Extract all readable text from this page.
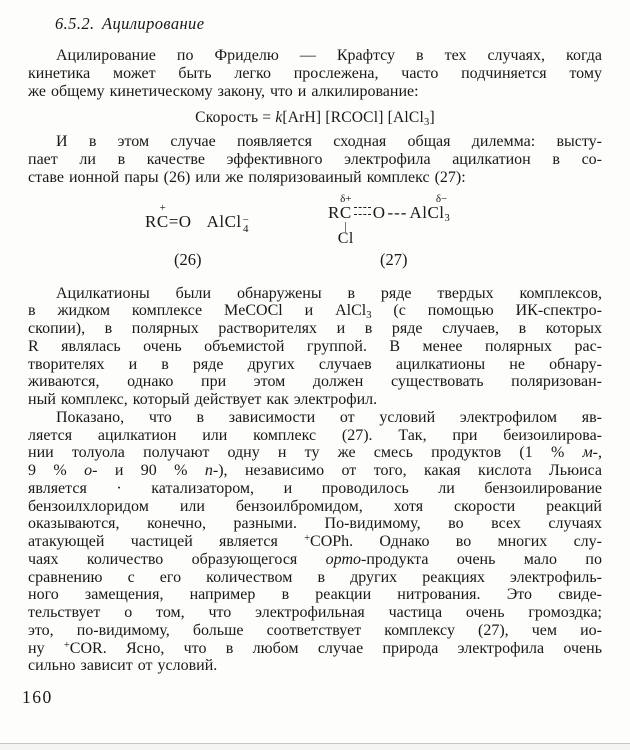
6.5.2. Ацилирование
Ацилирование по Фриделю — Крафтсу в тех случаях, когда
кинетика может быть легко прослежена, часто подчиняется тому
же общему кинетическому закону, что и алкилирование:
Скорость = k[ArH] [RCOCl] [AlCl$_3$]
И в этом случае появляется сходная общая дилемма: высту-
пает ли в качестве эффективного электрофила ацилкатион в со-
ставе ионной пары (26) или же поляризоваиный комплекс (27):
R
+
C =O AlCl −
4
(26)
R
δ+
C
|
Cl
O ---
δ−
AlCl$_3$
(27)
Ацилкатионы были обнаружены в ряде твердых комплексов,
в жидком комплексе MeCOCl и AlCl$_3$ (с помощью ИК-спектро-
скопии), в полярных растворителях и в ряде случаев, в которых
R являлась очень объемистой группой. В менее полярных рас-
творителях и в ряде других случаев ацилкатионы не обнару-
живаются, однако при этом должен существовать поляризован-
ный комплекс, который действует как электрофил.
Показано, что в зависимости от условий электрофилом яв-
ляется ацилкатион или комплекс (27). Так, при беизоилирова-
нии толуола получают одну н ту же смесь продуктов (1 % м-,
9 % о- и 90 % п-), независимо от того, какая кислота Льюиса
является · катализатором, и проводилось ли бензоилирование
бензоилхлоридом или бензоилбромидом, хотя скорости реакций
оказываются, конечно, разными. По-видимому, во всех случаях
атакующей частицей является +COPh. Однако во многих слу-
чаях количество образующегося орто-продукта очень мало по
сравнению с его количеством в других реакциях электрофиль-
ного замещения, например в реакции нитрования. Это свиде-
тельствует о том, что электрофильная частица очень громоздка;
это, по-видимому, больше соответствует комплексу (27), чем ио-
ну +COR. Ясно, что в любом случае природа электрофила очень
сильно зависит от условий.
160
